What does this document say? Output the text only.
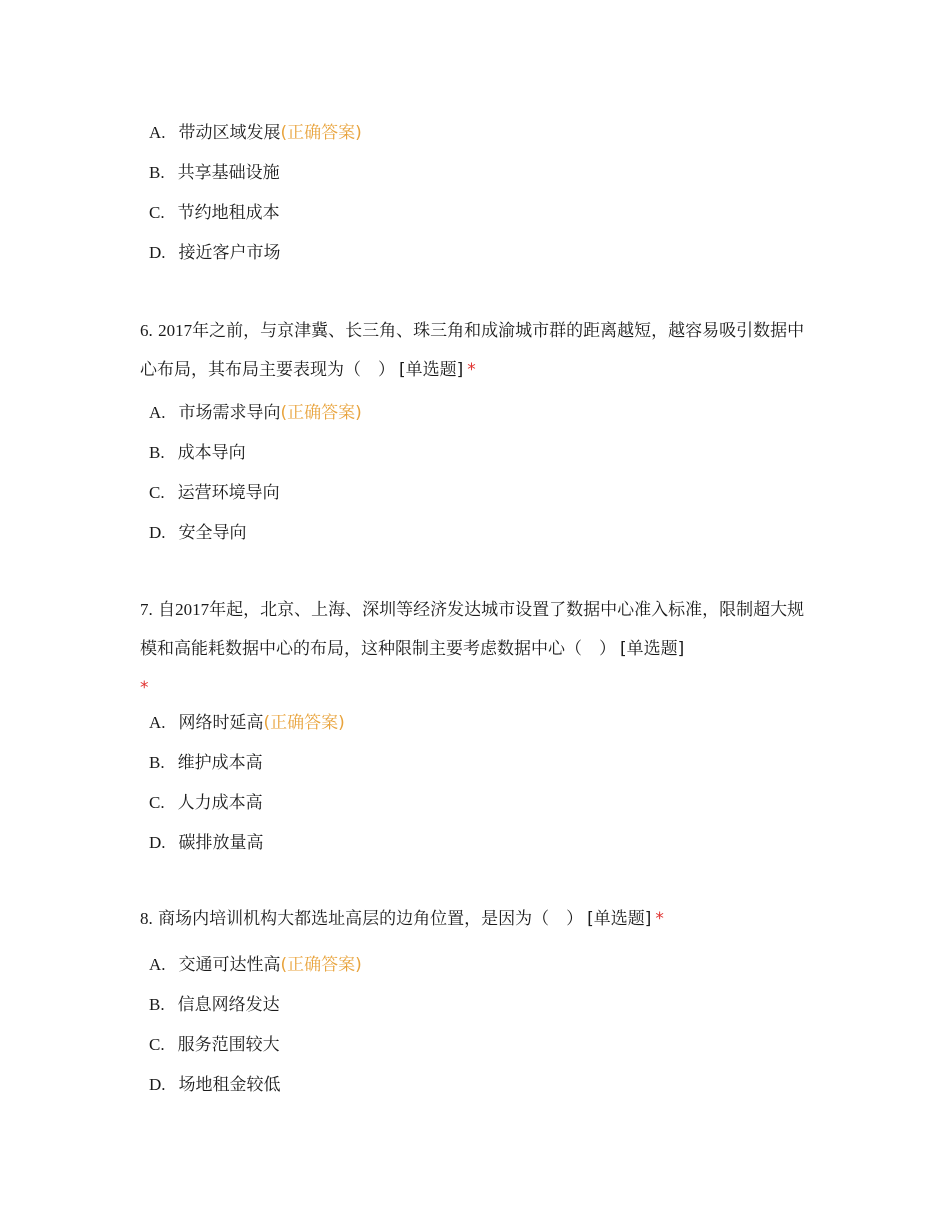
A. 带动区域发展(正确答案)
B. 共享基础设施
C. 节约地租成本
D. 接近客户市场
6. 2017年之前，与京津冀、长三角、珠三角和成渝城市群的距离越短，越容易吸引数据中心布局，其布局主要表现为（　） [单选题] *
A. 市场需求导向(正确答案)
B. 成本导向
C. 运营环境导向
D. 安全导向
7. 自2017年起，北京、上海、深圳等经济发达城市设置了数据中心准入标准，限制超大规模和高能耗数据中心的布局，这种限制主要考虑数据中心（　） [单选题]
*
A. 网络时延高(正确答案)
B. 维护成本高
C. 人力成本高
D. 碳排放量高
8. 商场内培训机构大都选址高层的边角位置，是因为（　） [单选题] *
A. 交通可达性高(正确答案)
B. 信息网络发达
C. 服务范围较大
D. 场地租金较低
